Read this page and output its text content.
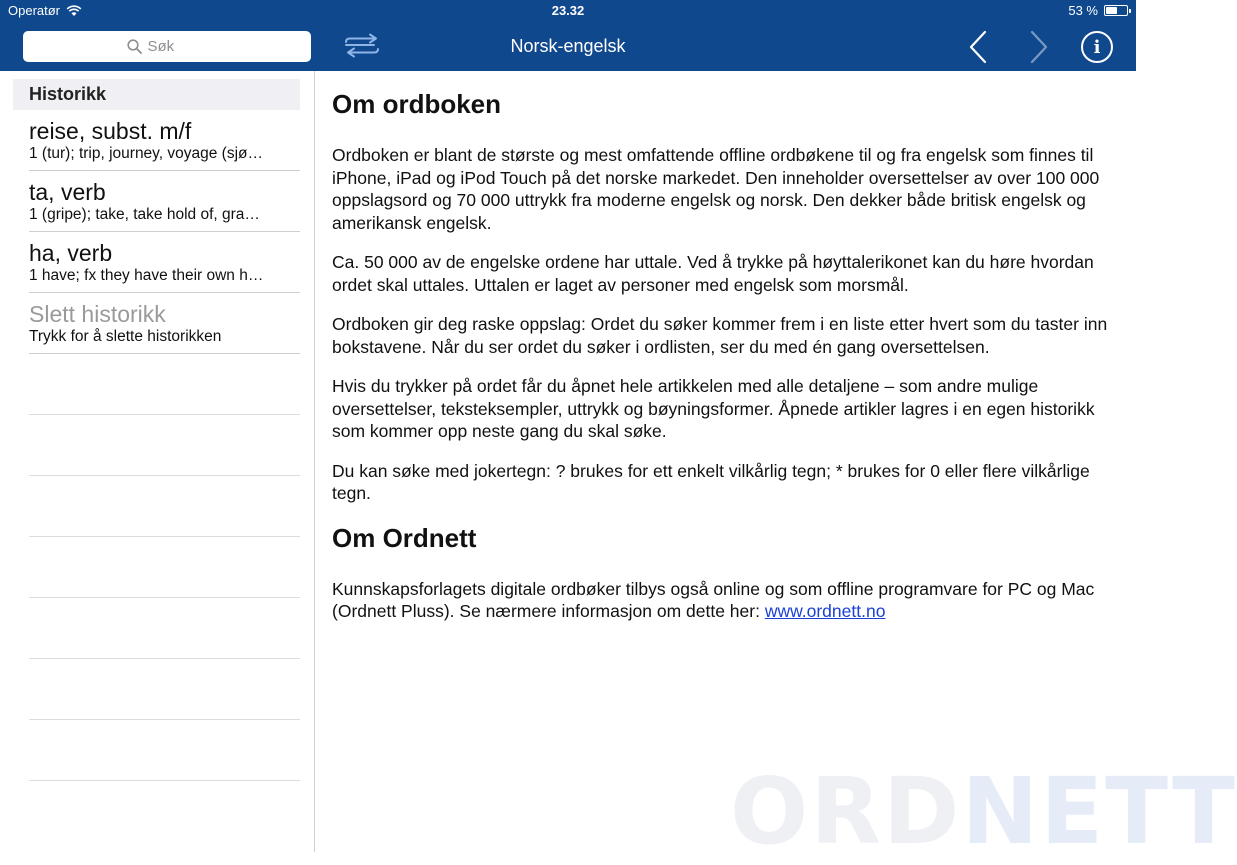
Operatør	23.32	53 %
Søk
Norsk-engelsk	i
Historikk
reise, subst. m/f
1 (tur); trip, journey, voyage (sjø…
ta, verb
1 (gripe); take, take hold of, gra…
ha, verb
1 have; fx they have their own h…
Slett historikk
Trykk for å slette historikken
Om ordboken

Ordboken er blant de største og mest omfattende offline ordbøkene til og fra engelsk som finnes til iPhone, iPad og iPod Touch på det norske markedet. Den inneholder oversettelser av over 100 000 oppslagsord og 70 000 uttrykk fra moderne engelsk og norsk. Den dekker både britisk engelsk og amerikansk engelsk.

Ca. 50 000 av de engelske ordene har uttale. Ved å trykke på høyttalerikonet kan du høre hvordan ordet skal uttales. Uttalen er laget av personer med engelsk som morsmål.

Ordboken gir deg raske oppslag: Ordet du søker kommer frem i en liste etter hvert som du taster inn bokstavene. Når du ser ordet du søker i ordlisten, ser du med én gang oversettelsen.

Hvis du trykker på ordet får du åpnet hele artikkelen med alle detaljene – som andre mulige oversettelser, teksteksempler, uttrykk og bøyningsformer. Åpnede artikler lagres i en egen historikk som kommer opp neste gang du skal søke.

Du kan søke med jokertegn: ? brukes for ett enkelt vilkårlig tegn; * brukes for 0 eller flere vilkårlige tegn.

Om Ordnett

Kunnskapsforlagets digitale ordbøker tilbys også online og som offline programvare for PC og Mac (Ordnett Pluss). Se nærmere informasjon om dette her: www.ordnett.no

ORDNETT
